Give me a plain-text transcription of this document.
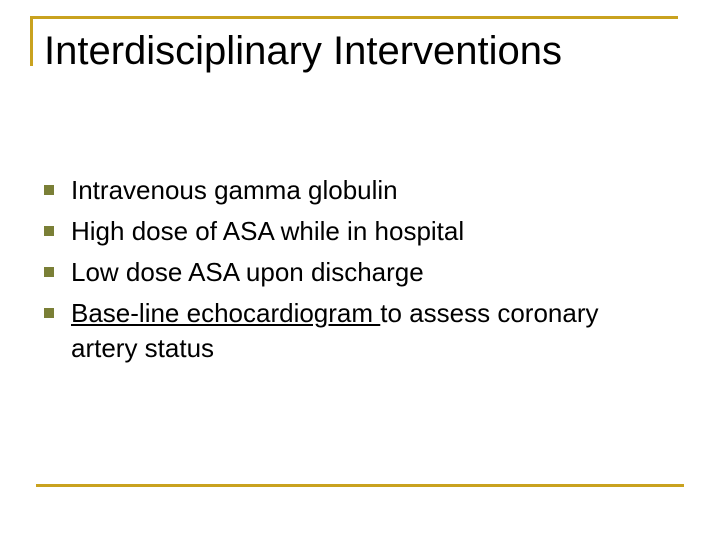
Interdisciplinary Interventions
Intravenous gamma globulin
High dose of ASA while in hospital
Low dose ASA upon discharge
Base-line echocardiogram to assess coronary
artery status
